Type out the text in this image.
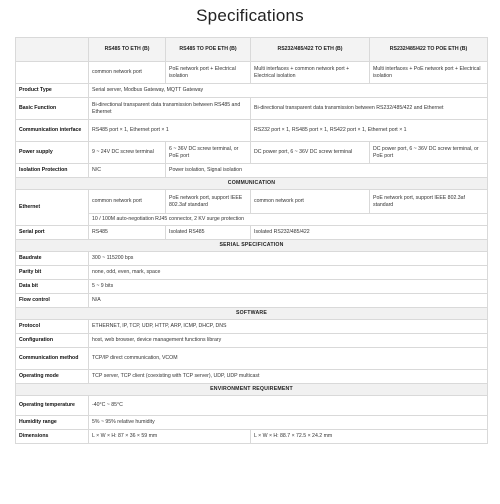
Specifications
	RS485 TO ETH (B)	RS485 TO POE ETH (B)	RS232/485/422 TO ETH (B)	RS232/485/422 TO POE ETH (B)
	common network port	PoE network port + Electrical isolation	Multi interfaces + common network port + Electrical isolation	Multi interfaces + PoE network port + Electrical isolation
Product Type	Serial server, Modbus Gateway, MQTT Gateway			
Basic Function	Bi-directional transparent data transmission between RS485 and Ethernet		Bi-directional transparent data transmission between RS232/485/422 and Ethernet	
Communication interface	RS485 port × 1, Ethernet port × 1		RS232 port × 1, RS485 port × 1, RS422 port × 1, Ethernet port × 1	
Power supply	9 ~ 24V DC screw terminal	6 ~ 36V DC screw terminal, or PoE port	DC power port, 6 ~ 36V DC screw terminal	DC power port, 6 ~ 36V DC screw terminal, or PoE port
Isolation Protection	N/C	Power isolation, Signal isolation		
COMMUNICATION				
Ethernet	common network port	PoE network port, support IEEE 802.3af standard	common network port	PoE network port, support IEEE 802.3af standard
	10 / 100M auto-negotiation RJ45 connector, 2 KV surge protection			
Serial port	RS485	Isolated RS485	Isolated RS232/485/422	
SERIAL SPECIFICATION				
Baudrate	300 ~ 115200 bps			
Parity bit	none, odd, even, mark, space			
Data bit	5 ~ 9 bits			
Flow control	N/A			
SOFTWARE				
Protocol	ETHERNET, IP, TCP, UDP, HTTP, ARP, ICMP, DHCP, DNS			
Configuration	host, web browser, device management functions library			
Communication method	TCP/IP direct communication, VCOM			
Operating mode	TCP server, TCP client (coexisting with TCP server), UDP, UDP multicast			
ENVIRONMENT REQUIREMENT				
Operating temperature	-40°C ~ 85°C			
Humidity range	5% ~ 95% relative humidity			
Dimensions	L × W × H: 87 × 36 × 59 mm		L × W × H: 88.7 × 72.5 × 24.2 mm	
